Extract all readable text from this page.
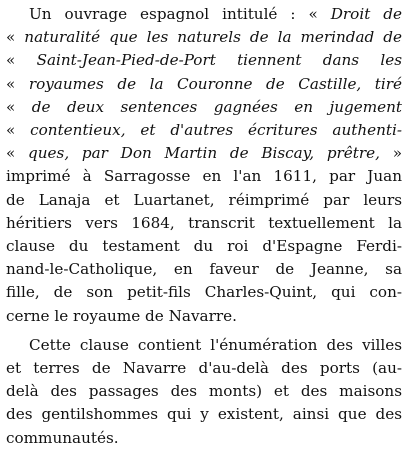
Un ouvrage espagnol intitulé : « Droit de
« naturalité que les naturels de la merindad de
« Saint-Jean-Pied-de-Port tiennent dans les
« royaumes de la Couronne de Castille, tiré
« de deux sentences gagnées en jugement
« contentieux, et d'autres écritures authenti-
« ques, par Don Martin de Biscay, prêtre, »
imprimé à Sarragosse en l'an 1611, par Juan
de Lanaja et Luartanet, réimprimé par leurs
héritiers vers 1684, transcrit textuellement la
clause du testament du roi d'Espagne Ferdi-
nand-le-Catholique, en faveur de Jeanne, sa
fille, de son petit-fils Charles-Quint, qui con-
cerne le royaume de Navarre.
Cette clause contient l'énumération des villes
et terres de Navarre d'au-delà des ports (au-
delà des passages des monts) et des maisons
des gentilshommes qui y existent, ainsi que des
communautés.
